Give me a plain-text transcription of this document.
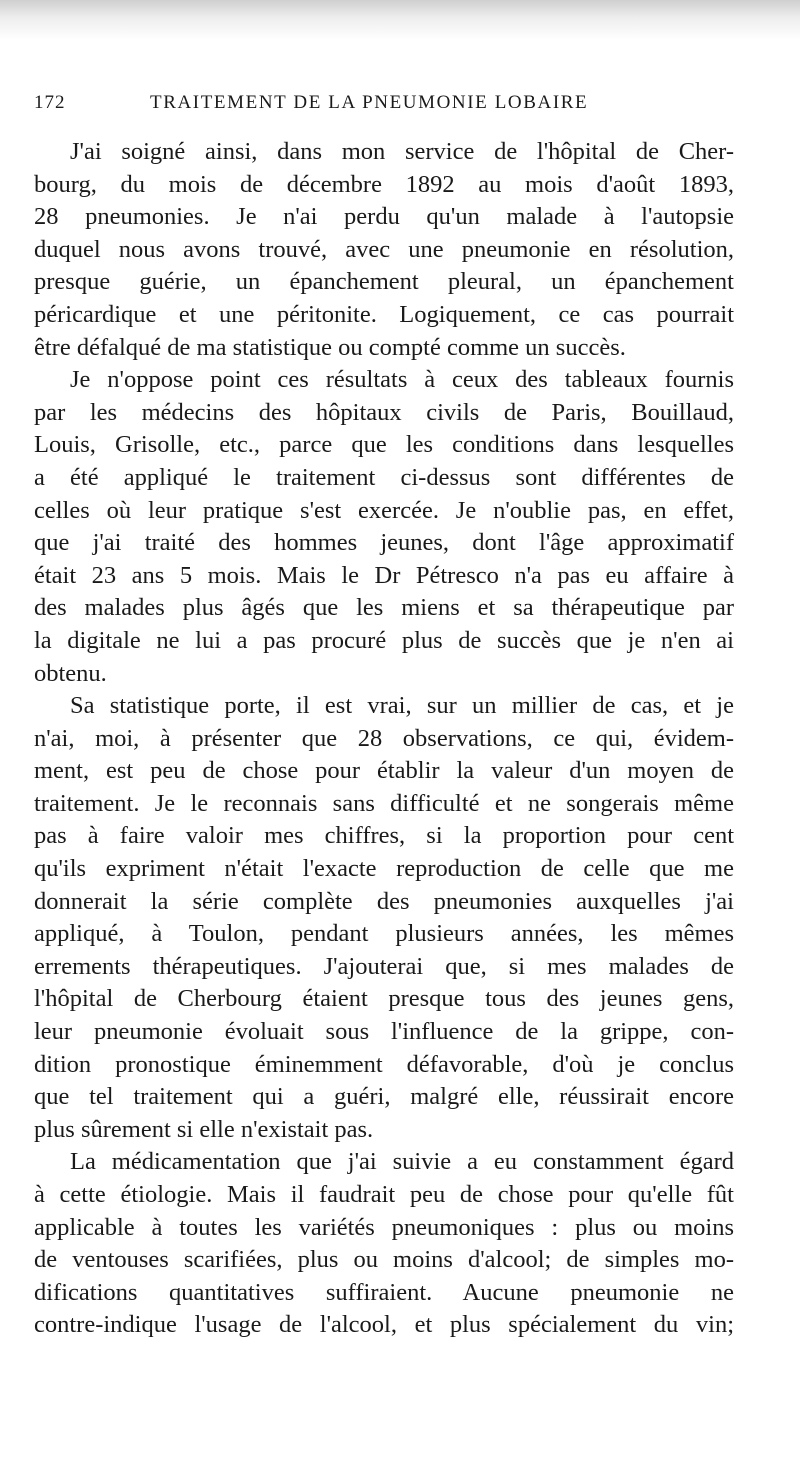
172	TRAITEMENT DE LA PNEUMONIE LOBAIRE
J'ai soigné ainsi, dans mon service de l'hôpital de Cher-
bourg, du mois de décembre 1892 au mois d'août 1893,
28 pneumonies. Je n'ai perdu qu'un malade à l'autopsie
duquel nous avons trouvé, avec une pneumonie en résolution,
presque guérie, un épanchement pleural, un épanchement
péricardique et une péritonite. Logiquement, ce cas pourrait
être défalqué de ma statistique ou compté comme un succès.
Je n'oppose point ces résultats à ceux des tableaux fournis
par les médecins des hôpitaux civils de Paris, Bouillaud,
Louis, Grisolle, etc., parce que les conditions dans lesquelles
a été appliqué le traitement ci-dessus sont différentes de
celles où leur pratique s'est exercée. Je n'oublie pas, en effet,
que j'ai traité des hommes jeunes, dont l'âge approximatif
était 23 ans 5 mois. Mais le Dr Pétresco n'a pas eu affaire à
des malades plus âgés que les miens et sa thérapeutique par
la digitale ne lui a pas procuré plus de succès que je n'en ai
obtenu.
Sa statistique porte, il est vrai, sur un millier de cas, et je
n'ai, moi, à présenter que 28 observations, ce qui, évidem-
ment, est peu de chose pour établir la valeur d'un moyen de
traitement. Je le reconnais sans difficulté et ne songerais même
pas à faire valoir mes chiffres, si la proportion pour cent
qu'ils expriment n'était l'exacte reproduction de celle que me
donnerait la série complète des pneumonies auxquelles j'ai
appliqué, à Toulon, pendant plusieurs années, les mêmes
errements thérapeutiques. J'ajouterai que, si mes malades de
l'hôpital de Cherbourg étaient presque tous des jeunes gens,
leur pneumonie évoluait sous l'influence de la grippe, con-
dition pronostique éminemment défavorable, d'où je conclus
que tel traitement qui a guéri, malgré elle, réussirait encore
plus sûrement si elle n'existait pas.
La médicamentation que j'ai suivie a eu constamment égard
à cette étiologie. Mais il faudrait peu de chose pour qu'elle fût
applicable à toutes les variétés pneumoniques : plus ou moins
de ventouses scarifiées, plus ou moins d'alcool; de simples mo-
difications quantitatives suffiraient. Aucune pneumonie ne
contre-indique l'usage de l'alcool, et plus spécialement du vin;
